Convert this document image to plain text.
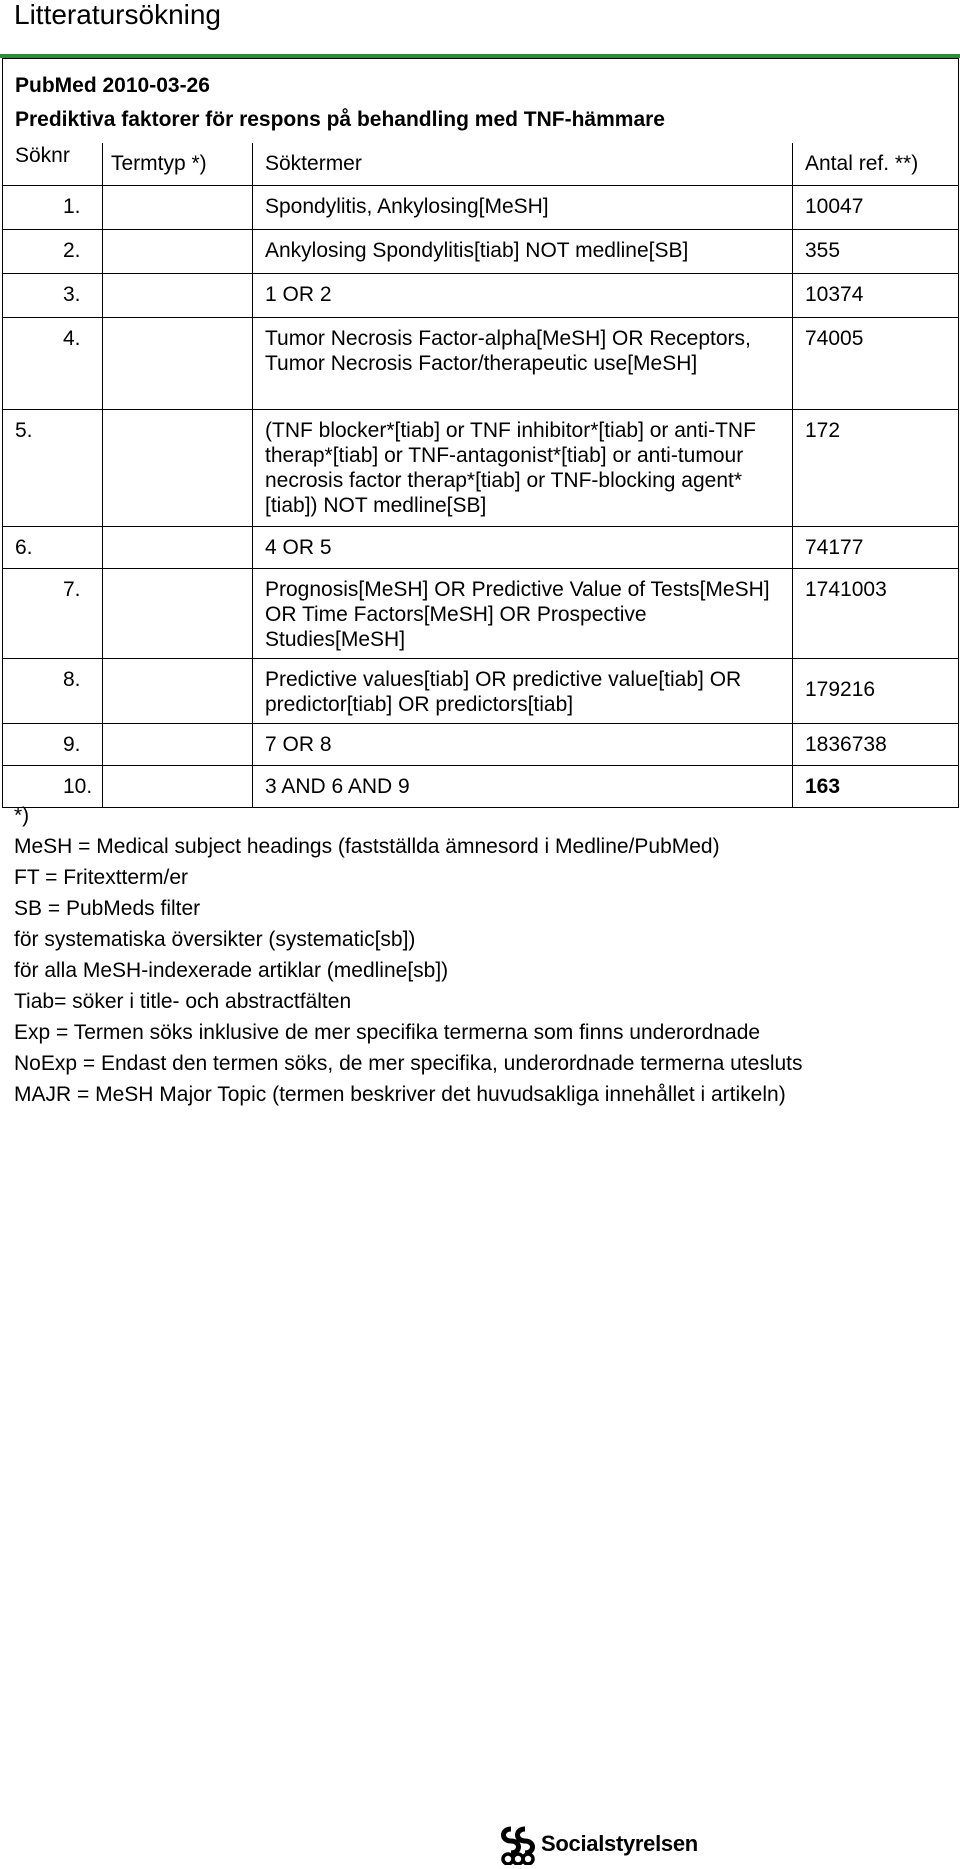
Litteratursökning
PubMed 2010-03-26
Prediktiva faktorer för respons på behandling med TNF-hämmare			

Söknr	Termtyp *)	Söktermer	Antal ref. **)
1.		Spondylitis, Ankylosing[MeSH]	10047
2.		Ankylosing Spondylitis[tiab] NOT medline[SB]	355
3.		1 OR 2	10374
4.		Tumor Necrosis Factor-alpha[MeSH] OR Receptors, Tumor Necrosis Factor/therapeutic use[MeSH]	74005
5.		(TNF blocker*[tiab] or TNF inhibitor*[tiab] or anti-TNF therap*[tiab] or TNF-antagonist*[tiab] or anti-tumour necrosis factor therap*[tiab] or TNF-blocking agent*[tiab]) NOT medline[SB]	172
6.		4 OR 5	74177
7.		Prognosis[MeSH] OR Predictive Value of Tests[MeSH] OR Time Factors[MeSH] OR Prospective Studies[MeSH]	1741003
8.		Predictive values[tiab] OR predictive value[tiab] OR predictor[tiab] OR predictors[tiab]	179216
9.		7 OR 8	1836738
10.		3 AND 6 AND 9	163
*)
MeSH = Medical subject headings (fastställda ämnesord i Medline/PubMed)
FT = Fritextterm/er
SB = PubMeds filter
för systematiska översikter (systematic[sb])
för alla MeSH-indexerade artiklar (medline[sb])
Tiab= söker i title- och abstractfälten
Exp = Termen söks inklusive de mer specifika termerna som finns underordnade
NoExp = Endast den termen söks, de mer specifika, underordnade termerna utesluts
MAJR = MeSH Major Topic (termen beskriver det huvudsakliga innehållet i artikeln)
Socialstyrelsen
